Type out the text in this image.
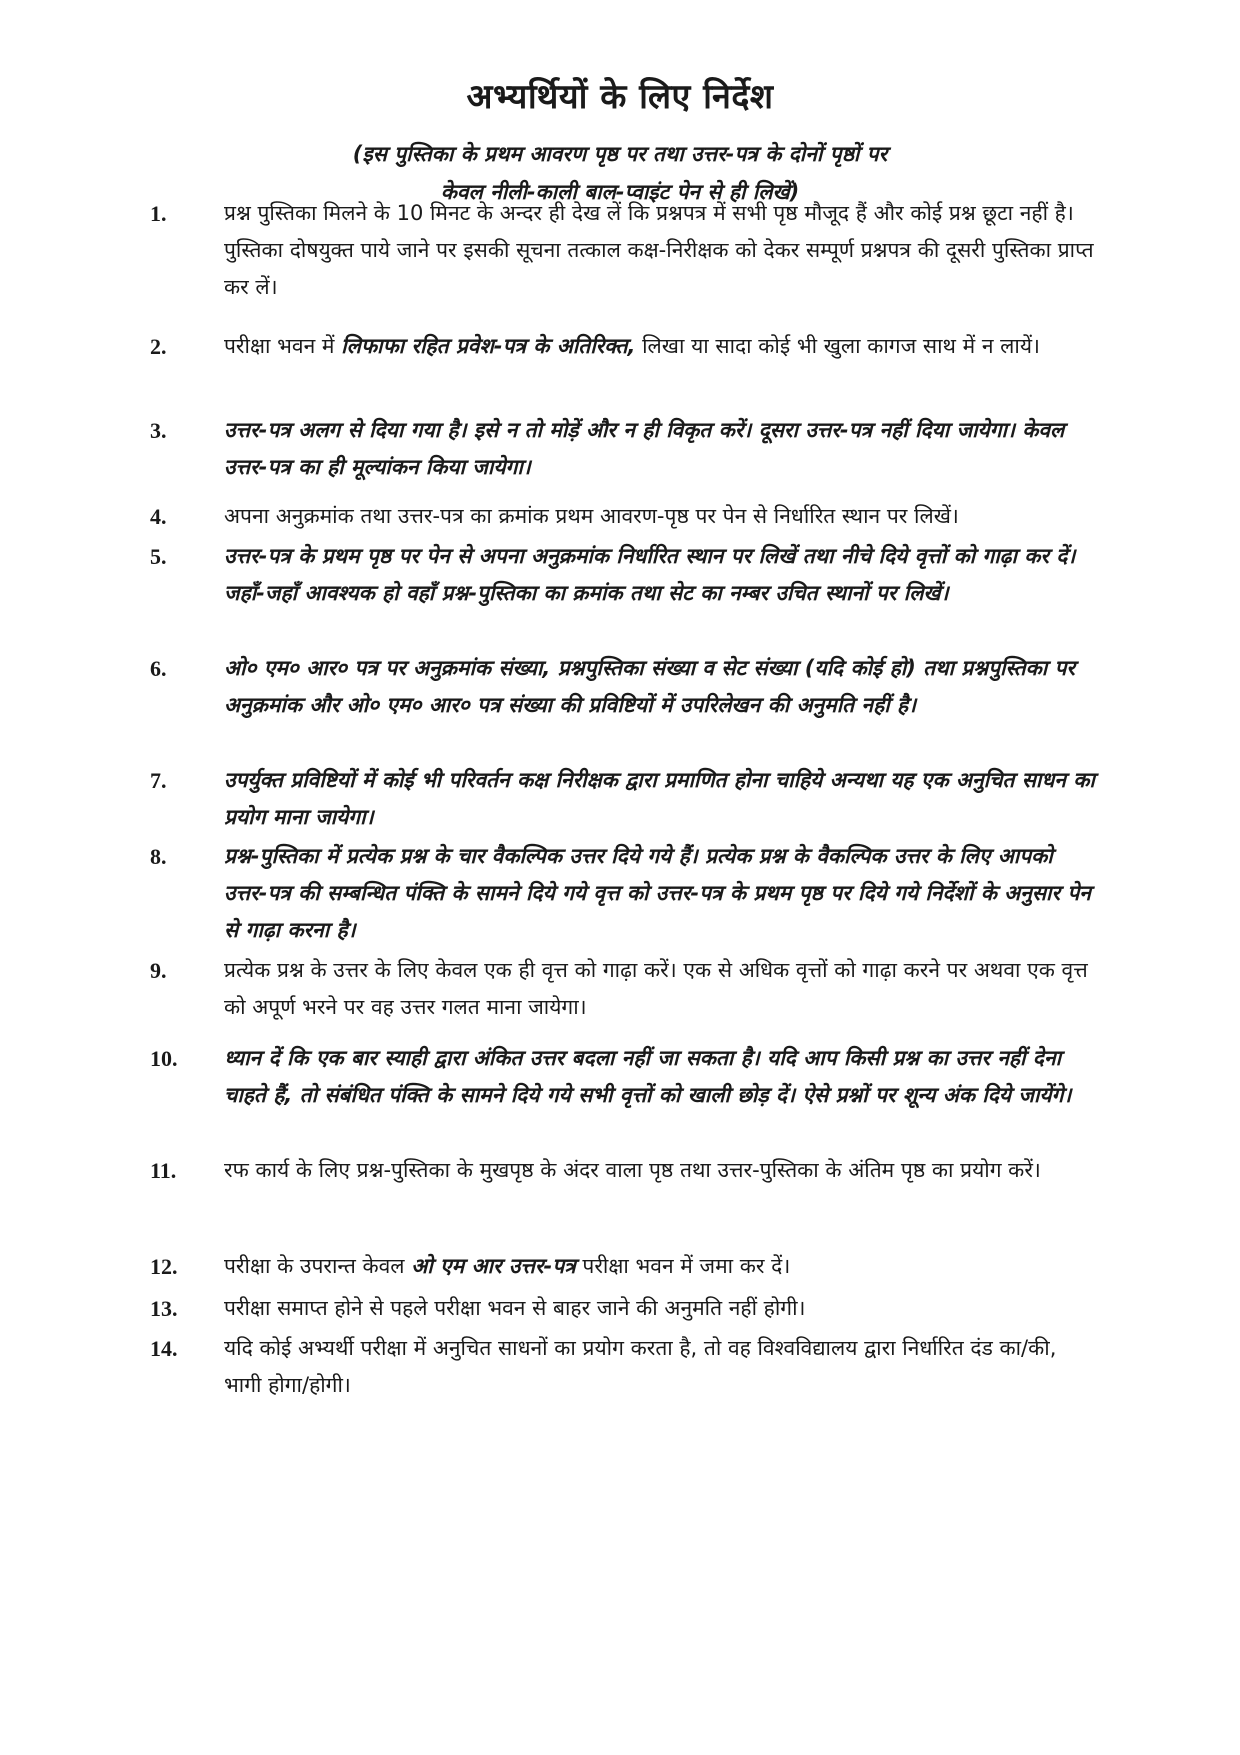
अभ्यर्थियों के लिए निर्देश
(इस पुस्तिका के प्रथम आवरण पृष्ठ पर तथा उत्तर-पत्र के दोनों पृष्ठों पर
केवल नीली-काली बाल-प्वाइंट पेन से ही लिखें)
1.	प्रश्न पुस्तिका मिलने के 10 मिनट के अन्दर ही देख लें कि प्रश्नपत्र में सभी पृष्ठ मौजूद हैं और कोई प्रश्न छूटा नहीं है। पुस्तिका दोषयुक्त पाये जाने पर इसकी सूचना तत्काल कक्ष-निरीक्षक को देकर सम्पूर्ण प्रश्नपत्र की दूसरी पुस्तिका प्राप्त कर लें।
2.	परीक्षा भवन में लिफाफा रहित प्रवेश-पत्र के अतिरिक्त, लिखा या सादा कोई भी खुला कागज साथ में न लायें।
3.	उत्तर-पत्र अलग से दिया गया है। इसे न तो मोड़ें और न ही विकृत करें। दूसरा उत्तर-पत्र नहीं दिया जायेगा। केवल उत्तर-पत्र का ही मूल्यांकन किया जायेगा।
4.	अपना अनुक्रमांक तथा उत्तर-पत्र का क्रमांक प्रथम आवरण-पृष्ठ पर पेन से निर्धारित स्थान पर लिखें।
5.	उत्तर-पत्र के प्रथम पृष्ठ पर पेन से अपना अनुक्रमांक निर्धारित स्थान पर लिखें तथा नीचे दिये वृत्तों को गाढ़ा कर दें। जहाँ-जहाँ आवश्यक हो वहाँ प्रश्न-पुस्तिका का क्रमांक तथा सेट का नम्बर उचित स्थानों पर लिखें।
6.	ओ० एम० आर० पत्र पर अनुक्रमांक संख्या, प्रश्नपुस्तिका संख्या व सेट संख्या (यदि कोई हो) तथा प्रश्नपुस्तिका पर अनुक्रमांक और ओ० एम० आर० पत्र संख्या की प्रविष्टियों में उपरिलेखन की अनुमति नहीं है।
7.	उपर्युक्त प्रविष्टियों में कोई भी परिवर्तन कक्ष निरीक्षक द्वारा प्रमाणित होना चाहिये अन्यथा यह एक अनुचित साधन का प्रयोग माना जायेगा।
8.	प्रश्न-पुस्तिका में प्रत्येक प्रश्न के चार वैकल्पिक उत्तर दिये गये हैं। प्रत्येक प्रश्न के वैकल्पिक उत्तर के लिए आपको उत्तर-पत्र की सम्बन्धित पंक्ति के सामने दिये गये वृत्त को उत्तर-पत्र के प्रथम पृष्ठ पर दिये गये निर्देशों के अनुसार पेन से गाढ़ा करना है।
9.	प्रत्येक प्रश्न के उत्तर के लिए केवल एक ही वृत्त को गाढ़ा करें। एक से अधिक वृत्तों को गाढ़ा करने पर अथवा एक वृत्त को अपूर्ण भरने पर वह उत्तर गलत माना जायेगा।
10.	ध्यान दें कि एक बार स्याही द्वारा अंकित उत्तर बदला नहीं जा सकता है। यदि आप किसी प्रश्न का उत्तर नहीं देना चाहते हैं, तो संबंधित पंक्ति के सामने दिये गये सभी वृत्तों को खाली छोड़ दें। ऐसे प्रश्नों पर शून्य अंक दिये जायेंगे।
11.	रफ कार्य के लिए प्रश्न-पुस्तिका के मुखपृष्ठ के अंदर वाला पृष्ठ तथा उत्तर-पुस्तिका के अंतिम पृष्ठ का प्रयोग करें।
12.	परीक्षा के उपरान्त केवल ओ एम आर उत्तर-पत्र परीक्षा भवन में जमा कर दें।
13.	परीक्षा समाप्त होने से पहले परीक्षा भवन से बाहर जाने की अनुमति नहीं होगी।
14.	यदि कोई अभ्यर्थी परीक्षा में अनुचित साधनों का प्रयोग करता है, तो वह विश्वविद्यालय द्वारा निर्धारित दंड का/की, भागी होगा/होगी।
